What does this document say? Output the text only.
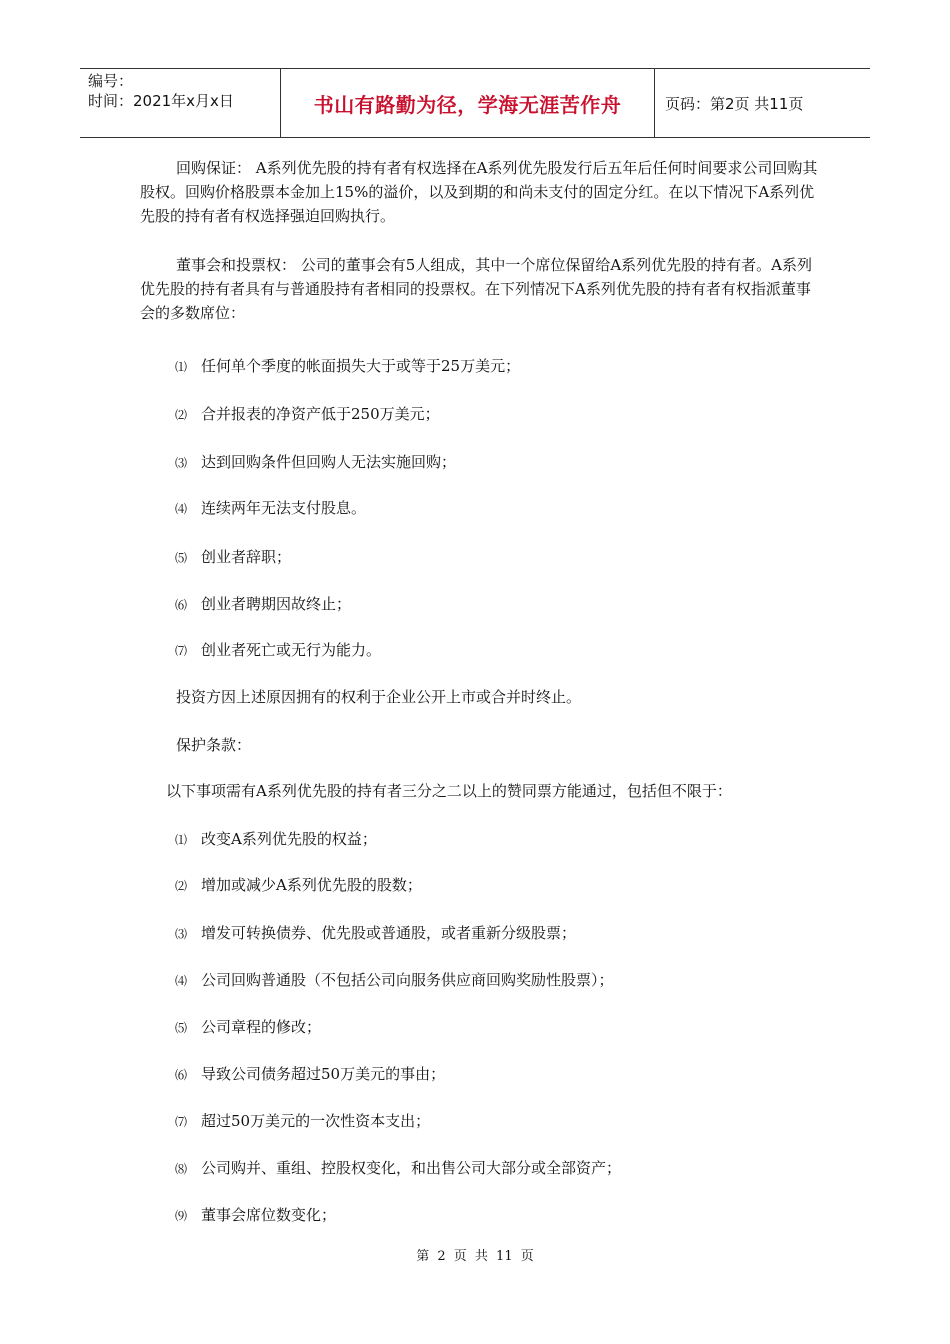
编号：
时间：2021年x月x日	书山有路勤为径，学海无涯苦作舟	页码：第2页 共11页

回购保证： A系列优先股的持有者有权选择在A系列优先股发行后五年后任何时间要求公司回购其股权。回购价格股票本金加上15%的溢价，以及到期的和尚未支付的固定分红。在以下情况下A系列优先股的持有者有权选择强迫回购执行。

董事会和投票权： 公司的董事会有5人组成，其中一个席位保留给A系列优先股的持有者。A系列优先股的持有者具有与普通股持有者相同的投票权。在下列情况下A系列优先股的持有者有权指派董事会的多数席位：

⑴ 任何单个季度的帐面损失大于或等于25万美元；
⑵ 合并报表的净资产低于250万美元；
⑶ 达到回购条件但回购人无法实施回购；
⑷ 连续两年无法支付股息。
⑸ 创业者辞职；
⑹ 创业者聘期因故终止；
⑺ 创业者死亡或无行为能力。
投资方因上述原因拥有的权利于企业公开上市或合并时终止。
保护条款：
以下事项需有A系列优先股的持有者三分之二以上的赞同票方能通过，包括但不限于：
⑴ 改变A系列优先股的权益；
⑵ 增加或减少A系列优先股的股数；
⑶ 增发可转换债券、优先股或普通股，或者重新分级股票；
⑷ 公司回购普通股（不包括公司向服务供应商回购奖励性股票）；
⑸ 公司章程的修改；
⑹ 导致公司债务超过50万美元的事由；
⑺ 超过50万美元的一次性资本支出；
⑻ 公司购并、重组、控股权变化，和出售公司大部分或全部资产；
⑼ 董事会席位数变化；
第 2 页 共 11 页
